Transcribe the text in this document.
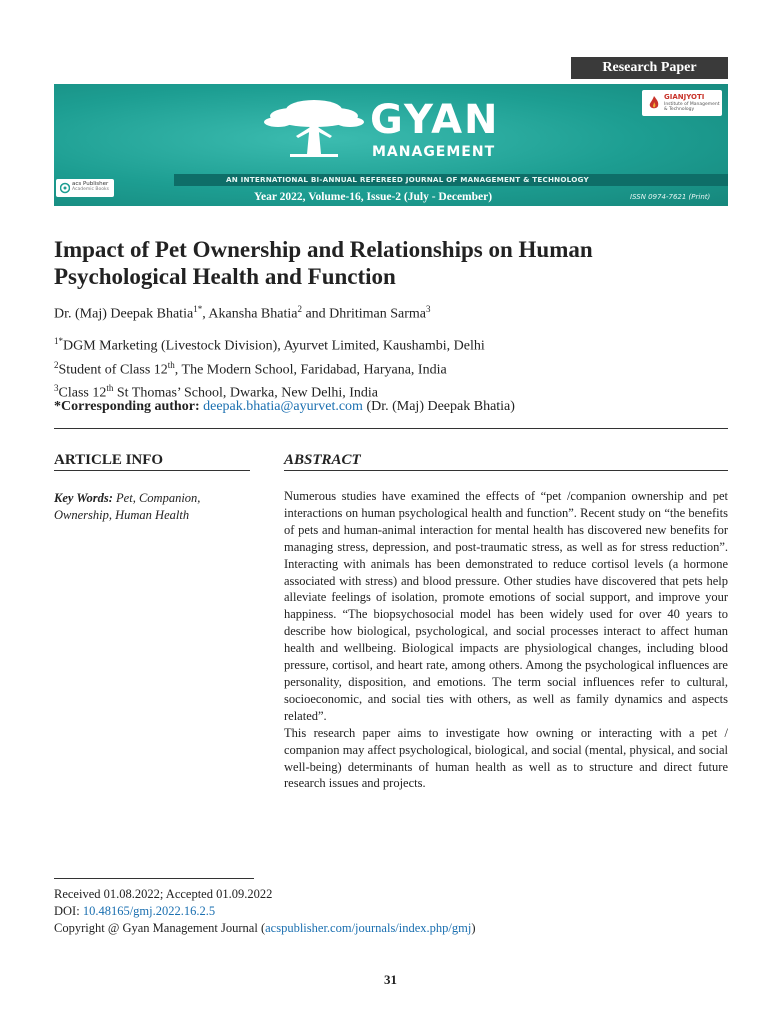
Research Paper
GYAN
MANAGEMENT
GIANJYOTI
Institute of Management & Technology
AN INTERNATIONAL BI-ANNUAL REFEREED JOURNAL OF MANAGEMENT & TECHNOLOGY
acs Publisher
Academic Books
Year 2022, Volume-16, Issue-2 (July - December)	ISSN 0974-7621 (Print)
Impact of Pet Ownership and Relationships on Human Psychological Health and Function

Dr. (Maj) Deepak Bhatia$^{1*}$, Akansha Bhatia$^2$ and Dhritiman Sarma$^3$

$^{1*}$DGM Marketing (Livestock Division), Ayurvet Limited, Kaushambi, Delhi

$^2$Student of Class 12th, The Modern School, Faridabad, Haryana, India

$^3$Class 12th St Thomas’ School, Dwarka, New Delhi, India

*Corresponding author: deepak.bhatia@ayurvet.com (Dr. (Maj) Deepak Bhatia)

ARTICLE INFO	ABSTRACT

Key Words: Pet, Companion, Ownership, Human Health

Numerous studies have examined the effects of “pet /companion ownership and pet interactions on human psychological health and function”. Recent study on “the benefits of pets and human-animal interaction for mental health has discovered new benefits for managing stress, depression, and post-traumatic stress, as well as for stress reduction”. Interacting with animals has been demonstrated to reduce cortisol levels (a hormone associated with stress) and blood pressure. Other studies have discovered that pets help alleviate feelings of isolation, promote emotions of social support, and improve your happiness. “The biopsychosocial model has been widely used for over 40 years to describe how biological, psychological, and social processes interact to affect human health and wellbeing. Biological impacts are physiological changes, including blood pressure, cortisol, and heart rate, among others. Among the psychological influences are personality, disposition, and emotions. The term social influences refer to cultural, socioeconomic, and social ties with others, as well as family dynamics and aspects related”.

This research paper aims to investigate how owning or interacting with a pet / companion may affect psychological, biological, and social (mental, physical, and social well-being) determinants of human health as well as to structure and direct future research issues and projects.

Received 01.08.2022; Accepted 01.09.2022

DOI: 10.48165/gmj.2022.16.2.5

Copyright @ Gyan Management Journal (acspublisher.com/journals/index.php/gmj)

31
